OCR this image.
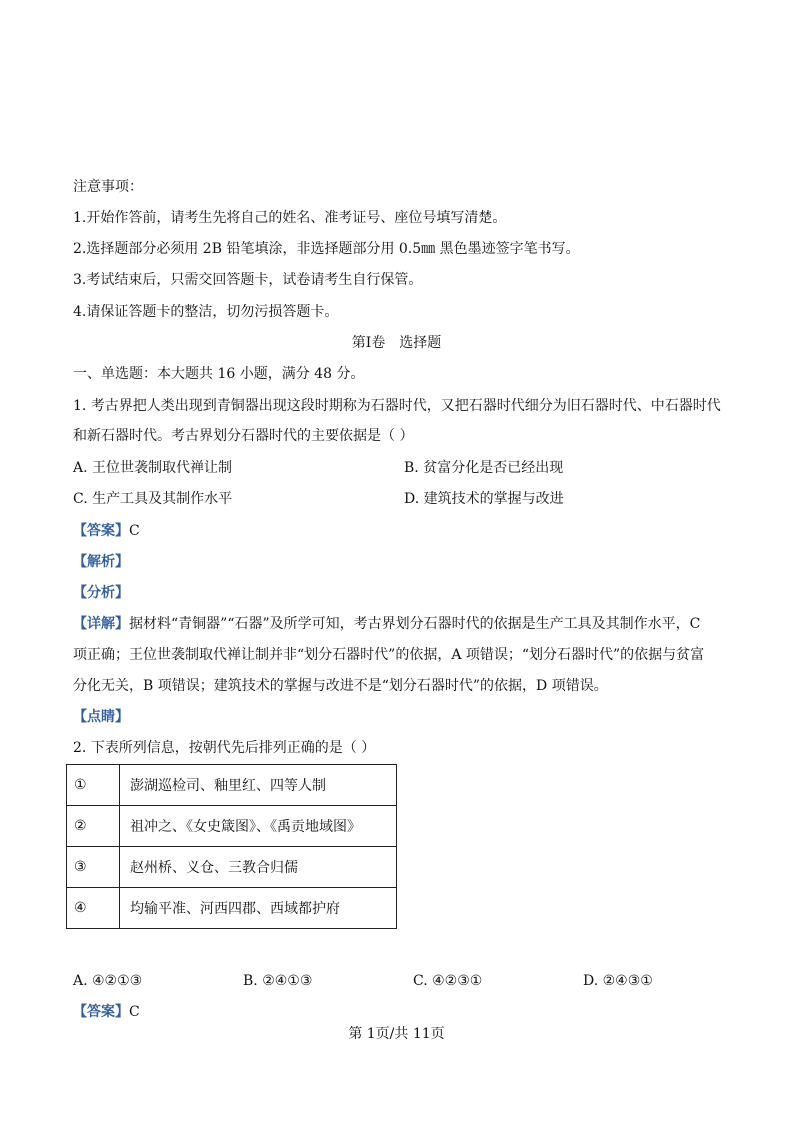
注意事项：
1.开始作答前，请考生先将自己的姓名、准考证号、座位号填写清楚。
2.选择题部分必须用 2B 铅笔填涂，非选择题部分用 0.5㎜ 黑色墨迹签字笔书写。
3.考试结束后，只需交回答题卡，试卷请考生自行保管。
4.请保证答题卡的整洁，切勿污损答题卡。
第Ⅰ卷　选择题
一、单选题：本大题共 16 小题，满分 48 分。
1. 考古界把人类出现到青铜器出现这段时期称为石器时代，又把石器时代细分为旧石器时代、中石器时代
和新石器时代。考古界划分石器时代的主要依据是（ ）
A. 王位世袭制取代禅让制	B. 贫富分化是否已经出现
C. 生产工具及其制作水平	D. 建筑技术的掌握与改进
【答案】C
【解析】
【分析】
【详解】据材料“青铜器”“石器”及所学可知，考古界划分石器时代的依据是生产工具及其制作水平，C
项正确；王位世袭制取代禅让制并非“划分石器时代”的依据，A 项错误；“划分石器时代”的依据与贫富
分化无关，B 项错误；建筑技术的掌握与改进不是“划分石器时代”的依据，D 项错误。
【点睛】
2. 下表所列信息，按朝代先后排列正确的是（ ）
①	澎湖巡检司、釉里红、四等人制
②	祖冲之、《女史箴图》、《禹贡地域图》
③	赵州桥、义仓、三教合归儒
④	均输平准、河西四郡、西域都护府
A. ④②①③	B. ②④①③	C. ④②③①	D. ②④③①
【答案】C
第 1页/共 11页
